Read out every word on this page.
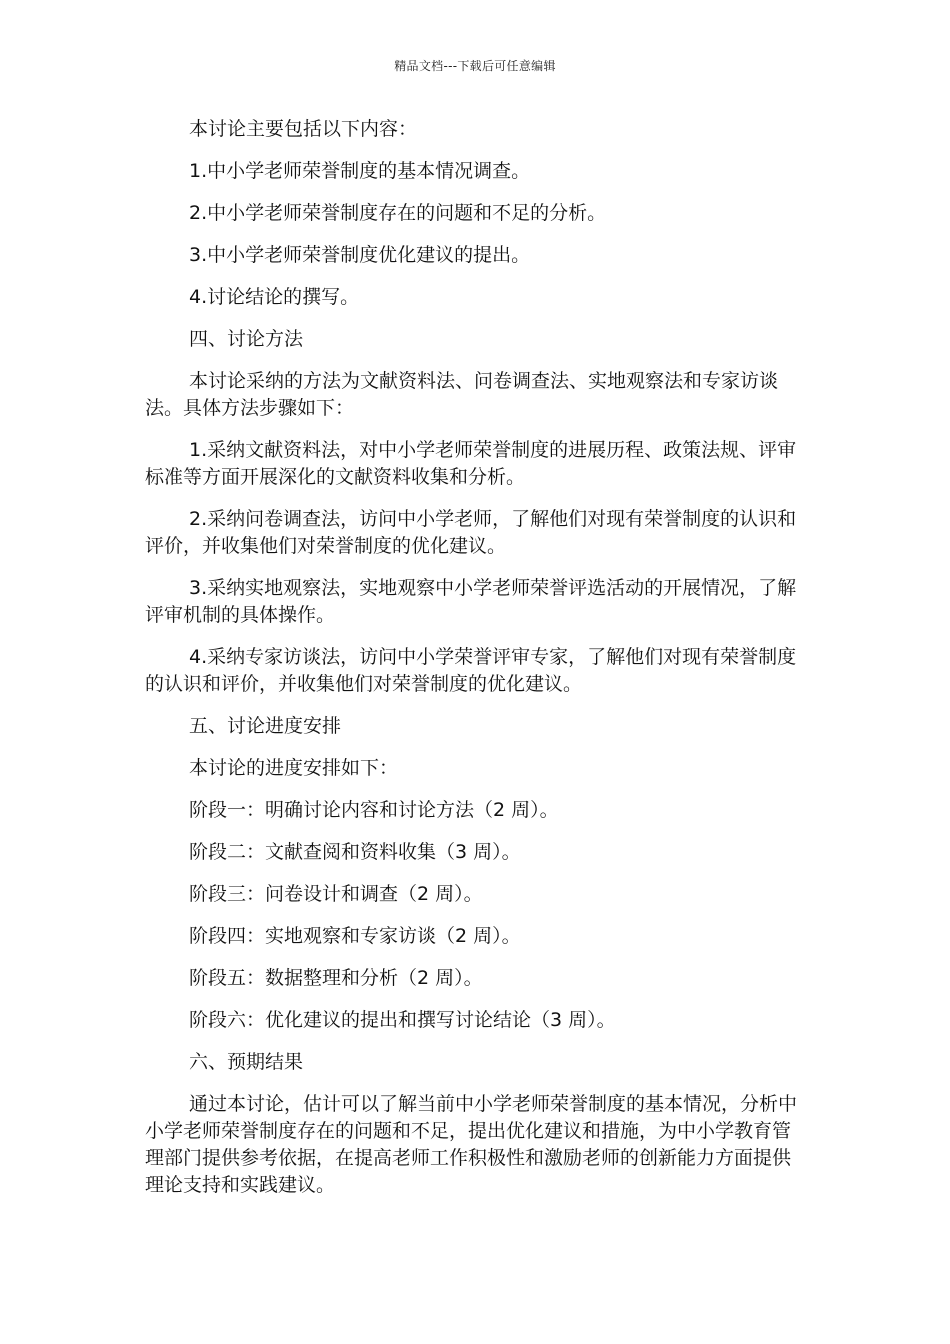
精品文档---下载后可任意编辑

本讨论主要包括以下内容：

1.中小学老师荣誉制度的基本情况调查。

2.中小学老师荣誉制度存在的问题和不足的分析。

3.中小学老师荣誉制度优化建议的提出。

4.讨论结论的撰写。

四、讨论方法

本讨论采纳的方法为文献资料法、问卷调查法、实地观察法和专家访谈法。具体方法步骤如下：

1.采纳文献资料法，对中小学老师荣誉制度的进展历程、政策法规、评审标准等方面开展深化的文献资料收集和分析。

2.采纳问卷调查法，访问中小学老师，了解他们对现有荣誉制度的认识和评价，并收集他们对荣誉制度的优化建议。

3.采纳实地观察法，实地观察中小学老师荣誉评选活动的开展情况，了解评审机制的具体操作。

4.采纳专家访谈法，访问中小学荣誉评审专家，了解他们对现有荣誉制度的认识和评价，并收集他们对荣誉制度的优化建议。

五、讨论进度安排

本讨论的进度安排如下：

阶段一：明确讨论内容和讨论方法（2 周）。

阶段二：文献查阅和资料收集（3 周）。

阶段三：问卷设计和调查（2 周）。

阶段四：实地观察和专家访谈（2 周）。

阶段五：数据整理和分析（2 周）。

阶段六：优化建议的提出和撰写讨论结论（3 周）。

六、预期结果

通过本讨论，估计可以了解当前中小学老师荣誉制度的基本情况，分析中小学老师荣誉制度存在的问题和不足，提出优化建议和措施，为中小学教育管理部门提供参考依据，在提高老师工作积极性和激励老师的创新能力方面提供理论支持和实践建议。
